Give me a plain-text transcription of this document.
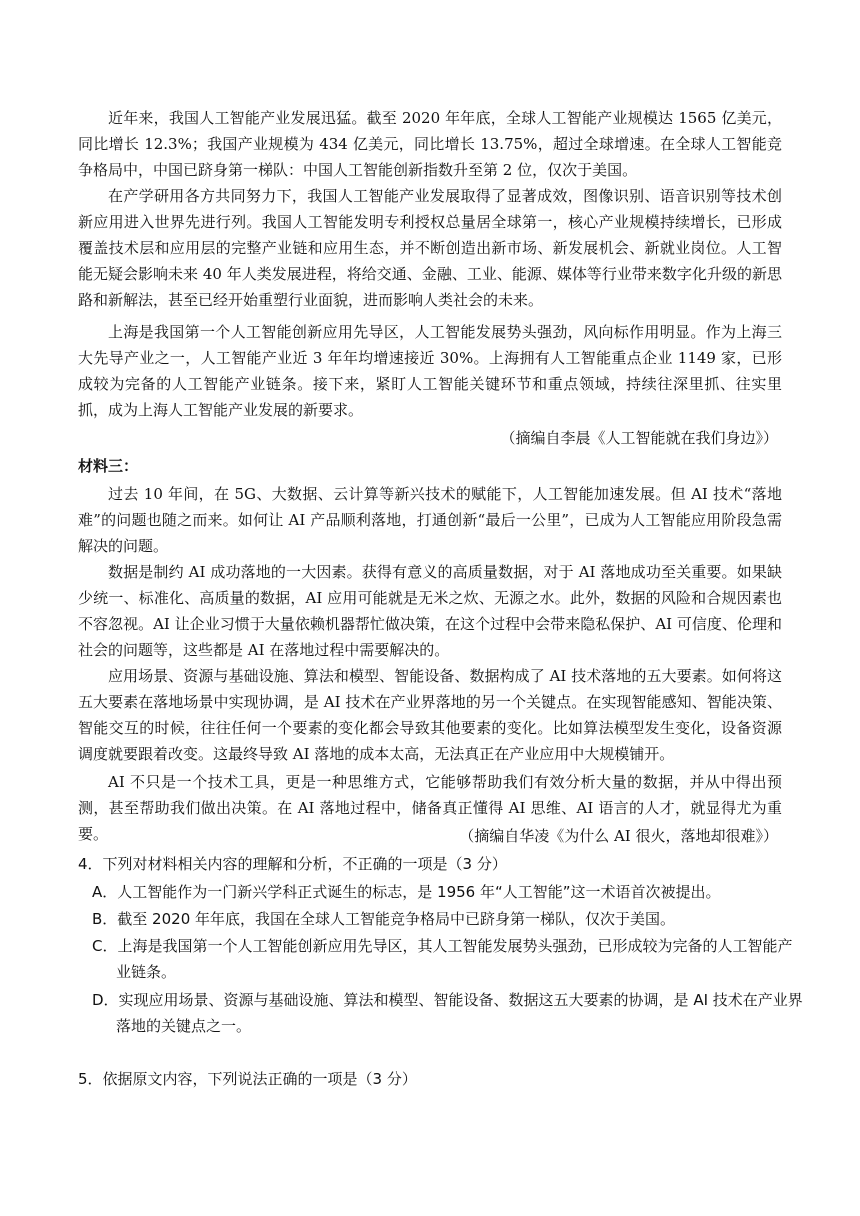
近年来，我国人工智能产业发展迅猛。截至 2020 年年底，全球人工智能产业规模达 1565 亿美元，同比增长 12.3%；我国产业规模为 434 亿美元，同比增长 13.75%，超过全球增速。在全球人工智能竞争格局中，中国已跻身第一梯队：中国人工智能创新指数升至第 2 位，仅次于美国。

在产学研用各方共同努力下，我国人工智能产业发展取得了显著成效，图像识别、语音识别等技术创新应用进入世界先进行列。我国人工智能发明专利授权总量居全球第一，核心产业规模持续增长，已形成覆盖技术层和应用层的完整产业链和应用生态，并不断创造出新市场、新发展机会、新就业岗位。人工智能无疑会影响未来 40 年人类发展进程，将给交通、金融、工业、能源、媒体等行业带来数字化升级的新思路和新解法，甚至已经开始重塑行业面貌，进而影响人类社会的未来。

上海是我国第一个人工智能创新应用先导区，人工智能发展势头强劲，风向标作用明显。作为上海三大先导产业之一，人工智能产业近 3 年年均增速接近 30%。上海拥有人工智能重点企业 1149 家，已形成较为完备的人工智能产业链条。接下来，紧盯人工智能关键环节和重点领域，持续往深里抓、往实里抓，成为上海人工智能产业发展的新要求。

（摘编自李晨《人工智能就在我们身边》）

材料三：

过去 10 年间，在 5G、大数据、云计算等新兴技术的赋能下，人工智能加速发展。但 AI 技术“落地难”的问题也随之而来。如何让 AI 产品顺利落地，打通创新“最后一公里”，已成为人工智能应用阶段急需解决的问题。

数据是制约 AI 成功落地的一大因素。获得有意义的高质量数据，对于 AI 落地成功至关重要。如果缺少统一、标准化、高质量的数据，AI 应用可能就是无米之炊、无源之水。此外，数据的风险和合规因素也不容忽视。AI 让企业习惯于大量依赖机器帮忙做决策，在这个过程中会带来隐私保护、AI 可信度、伦理和社会的问题等，这些都是 AI 在落地过程中需要解决的。

应用场景、资源与基础设施、算法和模型、智能设备、数据构成了 AI 技术落地的五大要素。如何将这五大要素在落地场景中实现协调，是 AI 技术在产业界落地的另一个关键点。在实现智能感知、智能决策、智能交互的时候，往往任何一个要素的变化都会导致其他要素的变化。比如算法模型发生变化，设备资源调度就要跟着改变。这最终导致 AI 落地的成本太高，无法真正在产业应用中大规模铺开。

AI 不只是一个技术工具，更是一种思维方式，它能够帮助我们有效分析大量的数据，并从中得出预测，甚至帮助我们做出决策。在 AI 落地过程中，储备真正懂得 AI 思维、AI 语言的人才，就显得尤为重要。	（摘编自华凌《为什么 AI 很火，落地却很难》）

4．下列对材料相关内容的理解和分析，不正确的一项是（3 分）

A．人工智能作为一门新兴学科正式诞生的标志，是 1956 年“人工智能”这一术语首次被提出。

B．截至 2020 年年底，我国在全球人工智能竞争格局中已跻身第一梯队，仅次于美国。

C．上海是我国第一个人工智能创新应用先导区，其人工智能发展势头强劲，已形成较为完备的人工智能产业链条。

D．实现应用场景、资源与基础设施、算法和模型、智能设备、数据这五大要素的协调，是 AI 技术在产业界落地的关键点之一。

5．依据原文内容，下列说法正确的一项是（3 分）
